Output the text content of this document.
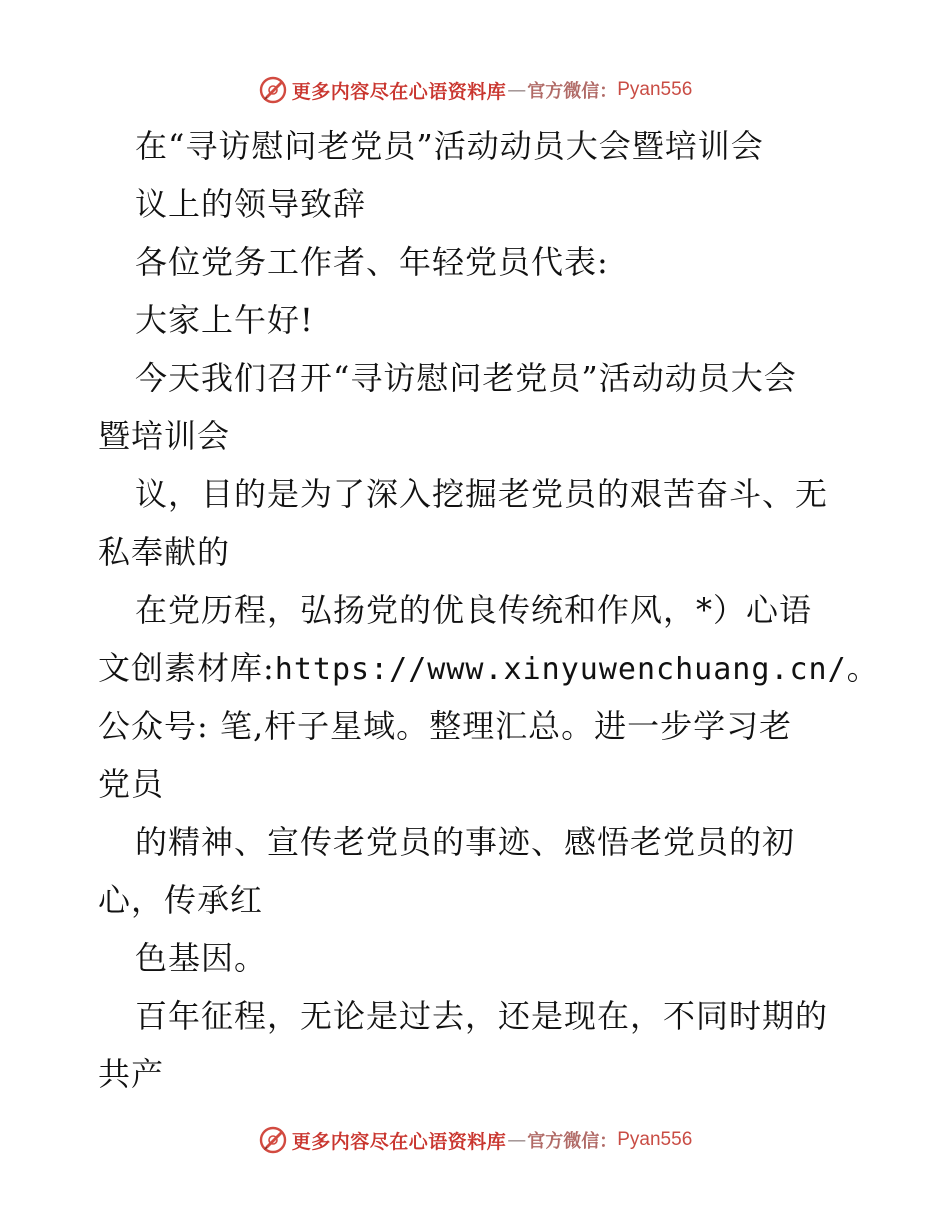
更多内容尽在心语资料库 — 官方微信： Pyan556
在“寻访慰问老党员”活动动员大会暨培训会
议上的领导致辞
各位党务工作者、年轻党员代表:
大家上午好!
今天我们召开“寻访慰问老党员”活动动员大会
暨培训会
议，目的是为了深入挖掘老党员的艰苦奋斗、无
私奉献的
在党历程，弘扬党的优良传统和作风，*）心语
文创素材库:https://www.xinyuwenchuang.cn/。
公众号: 笔,杆子星域。整理汇总。进一步学习老
党员
的精神、宣传老党员的事迹、感悟老党员的初
心，传承红
色基因。
百年征程，无论是过去，还是现在，不同时期的
共产
更多内容尽在心语资料库 — 官方微信： Pyan556
